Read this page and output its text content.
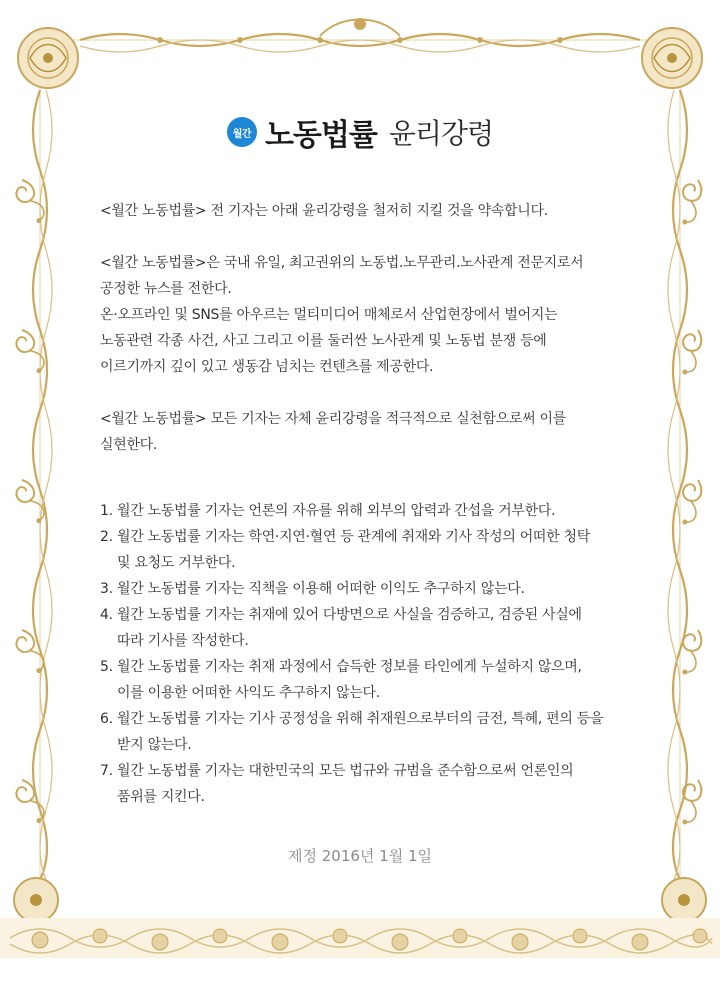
월간 노동법률 윤리강령

<월간 노동법률> 전 기자는 아래 윤리강령을 철저히 지킬 것을 약속합니다.

<월간 노동법률>은 국내 유일, 최고권위의 노동법.노무관리.노사관계 전문지로서
공정한 뉴스를 전한다.
온·오프라인 및 SNS를 아우르는 멀티미디어 매체로서 산업현장에서 벌어지는
노동관련 각종 사건, 사고 그리고 이를 둘러싼 노사관계 및 노동법 분쟁 등에
이르기까지 깊이 있고 생동감 넘치는 컨텐츠를 제공한다.
<월간 노동법률> 모든 기자는 자체 윤리강령을 적극적으로 실천함으로써 이를
실현한다.
1. 월간 노동법률 기자는 언론의 자유를 위해 외부의 압력과 간섭을 거부한다.
2. 월간 노동법률 기자는 학연·지연·혈연 등 관계에 취재와 기사 작성의 어떠한 청탁
및 요청도 거부한다.
3. 월간 노동법률 기자는 직책을 이용해 어떠한 이익도 추구하지 않는다.
4. 월간 노동법률 기자는 취재에 있어 다방면으로 사실을 검증하고, 검증된 사실에
따라 기사를 작성한다.
5. 월간 노동법률 기자는 취재 과정에서 습득한 정보를 타인에게 누설하지 않으며,
이를 이용한 어떠한 사익도 추구하지 않는다.
6. 월간 노동법률 기자는 기사 공정성을 위해 취재원으로부터의 금전, 특혜, 편의 등을
받지 않는다.
7. 월간 노동법률 기자는 대한민국의 모든 법규와 규범을 준수함으로써 언론인의
품위를 지킨다.
제정 2016년 1월 1일
